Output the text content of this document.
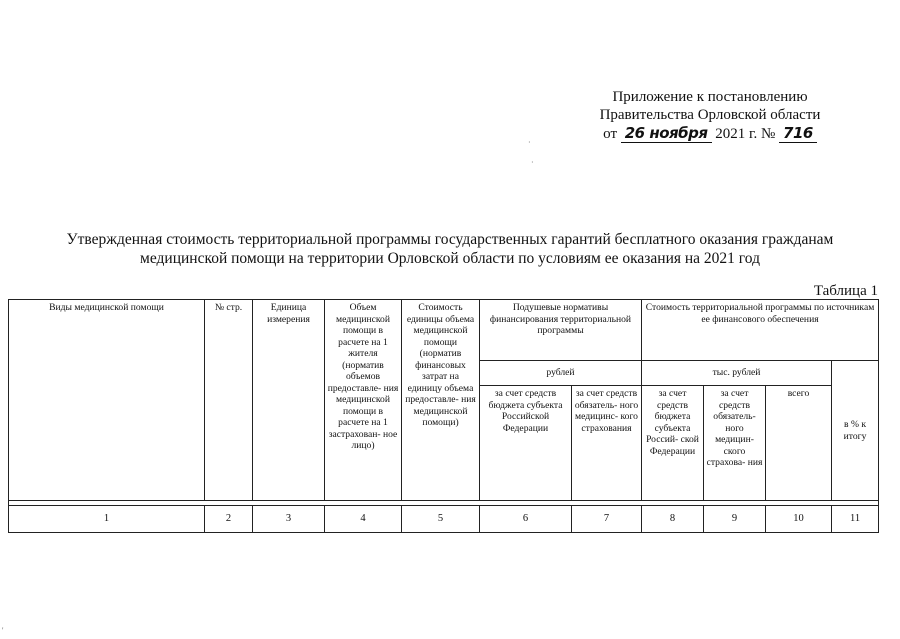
Приложение к постановлению
Правительства Орловской области
от 26 ноября 2021 г. № 716
·
·
Утвержденная стоимость территориальной программы государственных гарантий бесплатного оказания гражданам
медицинской помощи на территории Орловской области по условиям ее оказания на 2021 год
Таблица 1
Виды медицинской помощи	№ стр.	Единица измерения	Объем медицинской помощи в расчете на 1 жителя (норматив объемов предоставле- ния медицинской помощи в расчете на 1 застрахован- ное лицо)	Стоимость единицы объема медицинской помощи (норматив финансовых затрат на единицу объема предоставле- ния медицинской помощи)	Подушевые нормативы финансирования территориальной программы		Стоимость территориальной программы по источникам ее финансового обеспечения			
					рублей		тыс. рублей			в % к итогу
					за счет средств бюджета субъекта Российской Федерации	за счет средств обязатель- ного медицинс- кого страхования	за счет средств бюджета субъекта Россий- ской Федерации	за счет средств обязатель- ного медицин- ского страхова- ния	всего	

1	2	3	4	5	6	7	8	9	10	11
'
